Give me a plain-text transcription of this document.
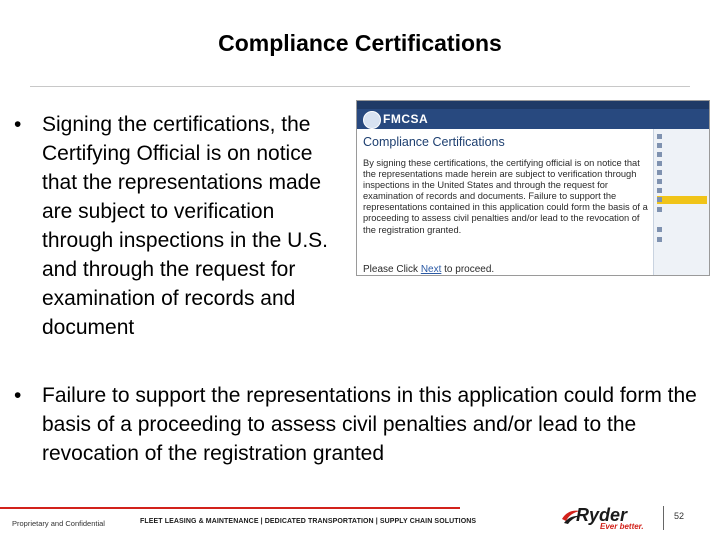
Compliance Certifications
• Signing the certifications, the Certifying Official is on notice that the representations made are subject to verification through inspections in the U.S. and through the request for examination of records and document
FMCSA
Compliance Certifications
By signing these certifications, the certifying official is on notice that the representations made herein are subject to verification through inspections in the United States and through the request for examination of records and documents. Failure to support the representations contained in this application could form the basis of a proceeding to assess civil penalties and/or lead to the revocation of the registration granted.
Please Click Next to proceed.
• Failure to support the representations in this application could form the basis of a proceeding to assess civil penalties and/or lead to the revocation of the registration granted
Proprietary and Confidential	FLEET LEASING & MAINTENANCE | DEDICATED TRANSPORTATION | SUPPLY CHAIN SOLUTIONS	Ryder
Ever better.
52
